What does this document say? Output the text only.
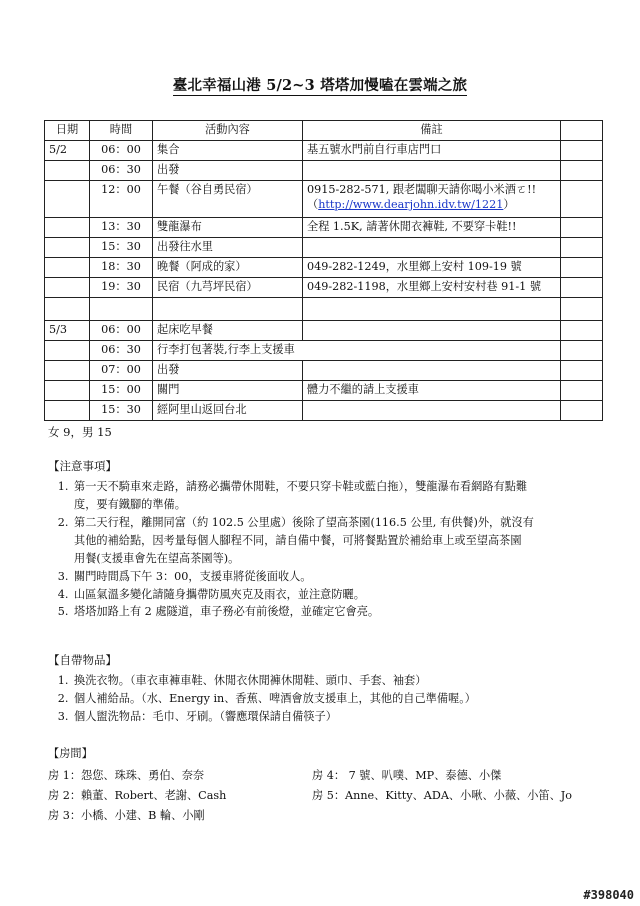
臺北幸福山港 5/2~3 塔塔加慢嗑在雲端之旅
日期	時間	活動內容	備註	
5/2	06：00	集合	基五號水門前自行車店門口	
	06：30	出發		
	12：00	午餐（谷自勇民宿）	0915-282-571, 跟老闆聊天請你喝小米酒ㄛ!!
（http://www.dearjohn.idv.tw/1221）	

	13：30	雙龍瀑布	全程 1.5K, 請著休閒衣褲鞋, 不要穿卡鞋!!	
	15：30	出發往水里		
	18：30	晚餐（阿成的家）	049-282-1249，水里鄉上安村 109-19 號	
	19：30	民宿（九芎坪民宿）	049-282-1198，水里鄉上安村安村巷 91-1 號	

5/3	06：00	起床吃早餐		
	06：30	行李打包著裝,行李上支援車		
	07：00	出發		
	15：00	關門	體力不繼的請上支援車	
	15：30	經阿里山返回台北		
女 9，男 15
【注意事項】
1. 第一天不騎車來走路，請務必攜帶休閒鞋，不要只穿卡鞋或藍白拖），雙龍瀑布看網路有點難
度，要有鐵腳的準備。
2. 第二天行程，離開同富（約 102.5 公里處）後除了望高茶園(116.5 公里, 有供餐)外，就沒有
其他的補給點，因考量每個人腳程不同，請自備中餐，可將餐點置於補給車上或至望高茶園
用餐(支援車會先在望高茶園等)。
3. 關門時間爲下午 3：00，支援車將從後面收人。
4. 山區氣溫多變化請隨身攜帶防風夾克及雨衣，並注意防曬。
5. 塔塔加路上有 2 處隧道，車子務必有前後燈，並確定它會亮。
【自帶物品】
1. 換洗衣物。（車衣車褲車鞋、休閒衣休閒褲休閒鞋、頭巾、手套、袖套）
2. 個人補給品。（水、Energy in、香蕉、啤酒會放支援車上，其他的自己準備喔。）
3. 個人盥洗物品：毛巾、牙刷。（響應環保請自備筷子）
【房間】
房 1：怨您、珠珠、勇伯、奈奈
房 2：賴董、Robert、老謝、Cash
房 3：小橋、小建、B 輪、小剛
房 4： 7 號、叭噗、MP、泰德、小傑
房 5：Anne、Kitty、ADA、小啾、小薇、小笛、Jo
#398040
